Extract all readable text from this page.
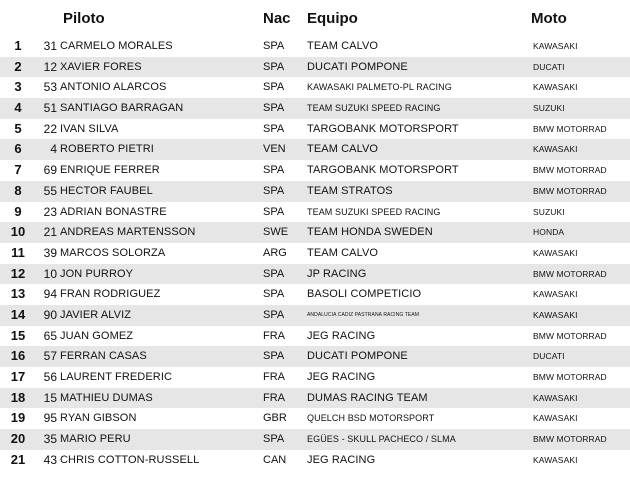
Piloto	Nac Equipo	Moto
1	31 CARMELO MORALES	SPA TEAM CALVO	KAWASAKI
2	12 XAVIER FORES	SPA DUCATI POMPONE	DUCATI
3	53 ANTONIO ALARCOS	SPA	KAWASAKI PALMETO-PL RACING	KAWASAKI
4	51 SANTIAGO BARRAGAN	SPA	TEAM SUZUKI SPEED RACING	SUZUKI
5	22 IVAN SILVA	SPA TARGOBANK MOTORSPORT	BMW MOTORRAD
6	4 ROBERTO PIETRI	VEN TEAM CALVO	KAWASAKI
7	69 ENRIQUE FERRER	SPA TARGOBANK MOTORSPORT	BMW MOTORRAD
8	55 HECTOR FAUBEL	SPA TEAM STRATOS	BMW MOTORRAD
9	23 ADRIAN BONASTRE	SPA	TEAM SUZUKI SPEED RACING	SUZUKI
10	21 ANDREAS MARTENSSON	SWE TEAM HONDA SWEDEN	HONDA
11	39 MARCOS SOLORZA	ARG TEAM CALVO	KAWASAKI
12	10 JON PURROY	SPA JP RACING	BMW MOTORRAD
13	94 FRAN RODRIGUEZ	SPA BASOLI COMPETICIO	KAWASAKI
14	90 JAVIER ALVIZ	SPA	ANDALUCIA CADIZ PASTRANA RACING TEAM	KAWASAKI
15	65 JUAN GOMEZ	FRA JEG RACING	BMW MOTORRAD
16	57 FERRAN CASAS	SPA DUCATI POMPONE	DUCATI
17	56 LAURENT FREDERIC	FRA JEG RACING	BMW MOTORRAD
18	15 MATHIEU DUMAS	FRA DUMAS RACING TEAM	KAWASAKI
19	95 RYAN GIBSON	GBR QUELCH BSD MOTORSPORT	KAWASAKI
20	35 MARIO PERU	SPA	EGÜES - SKULL PACHECO / SLMA	BMW MOTORRAD
21	43 CHRIS COTTON-RUSSELL	CAN JEG RACING	KAWASAKI
